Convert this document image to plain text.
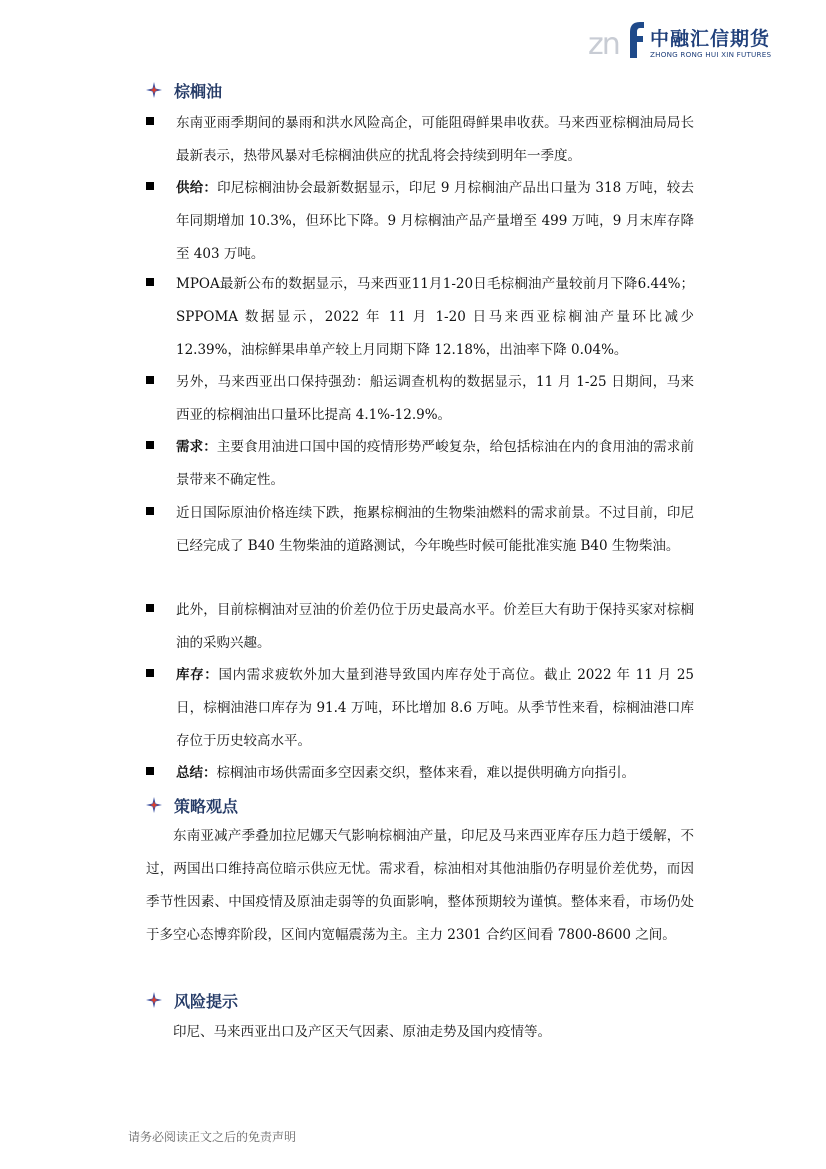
zn 中融汇信期货
ZHONG RONG HUI XIN FUTURES
棕榈油
东南亚雨季期间的暴雨和洪水风险高企，可能阻碍鲜果串收获。马来西亚棕榈油局局长最新表示，热带风暴对毛棕榈油供应的扰乱将会持续到明年一季度。
供给：印尼棕榈油协会最新数据显示，印尼 9 月棕榈油产品出口量为 318 万吨，较去年同期增加 10.3%，但环比下降。9 月棕榈油产品产量增至 499 万吨，9 月末库存降至 403 万吨。
MPOA最新公布的数据显示，马来西亚11月1-20日毛棕榈油产量较前月下降6.44%；SPPOMA 数据显示，2022 年 11 月 1-20 日马来西亚棕榈油产量环比减少 12.39%，油棕鲜果串单产较上月同期下降 12.18%，出油率下降 0.04%。
另外，马来西亚出口保持强劲：船运调查机构的数据显示，11 月 1-25 日期间，马来西亚的棕榈油出口量环比提高 4.1%-12.9%。
需求：主要食用油进口国中国的疫情形势严峻复杂，给包括棕油在内的食用油的需求前景带来不确定性。
近日国际原油价格连续下跌，拖累棕榈油的生物柴油燃料的需求前景。不过目前，印尼已经完成了 B40 生物柴油的道路测试，今年晚些时候可能批准实施 B40 生物柴油。
此外，目前棕榈油对豆油的价差仍位于历史最高水平。价差巨大有助于保持买家对棕榈油的采购兴趣。
库存：国内需求疲软外加大量到港导致国内库存处于高位。截止 2022 年 11 月 25 日，棕榈油港口库存为 91.4 万吨，环比增加 8.6 万吨。从季节性来看，棕榈油港口库存位于历史较高水平。
总结：棕榈油市场供需面多空因素交织，整体来看，难以提供明确方向指引。
策略观点
东南亚减产季叠加拉尼娜天气影响棕榈油产量，印尼及马来西亚库存压力趋于缓解，不过，两国出口维持高位暗示供应无忧。需求看，棕油相对其他油脂仍存明显价差优势，而因季节性因素、中国疫情及原油走弱等的负面影响，整体预期较为谨慎。整体来看，市场仍处于多空心态博弈阶段，区间内宽幅震荡为主。主力 2301 合约区间看 7800-8600 之间。
风险提示
印尼、马来西亚出口及产区天气因素、原油走势及国内疫情等。
请务必阅读正文之后的免责声明
